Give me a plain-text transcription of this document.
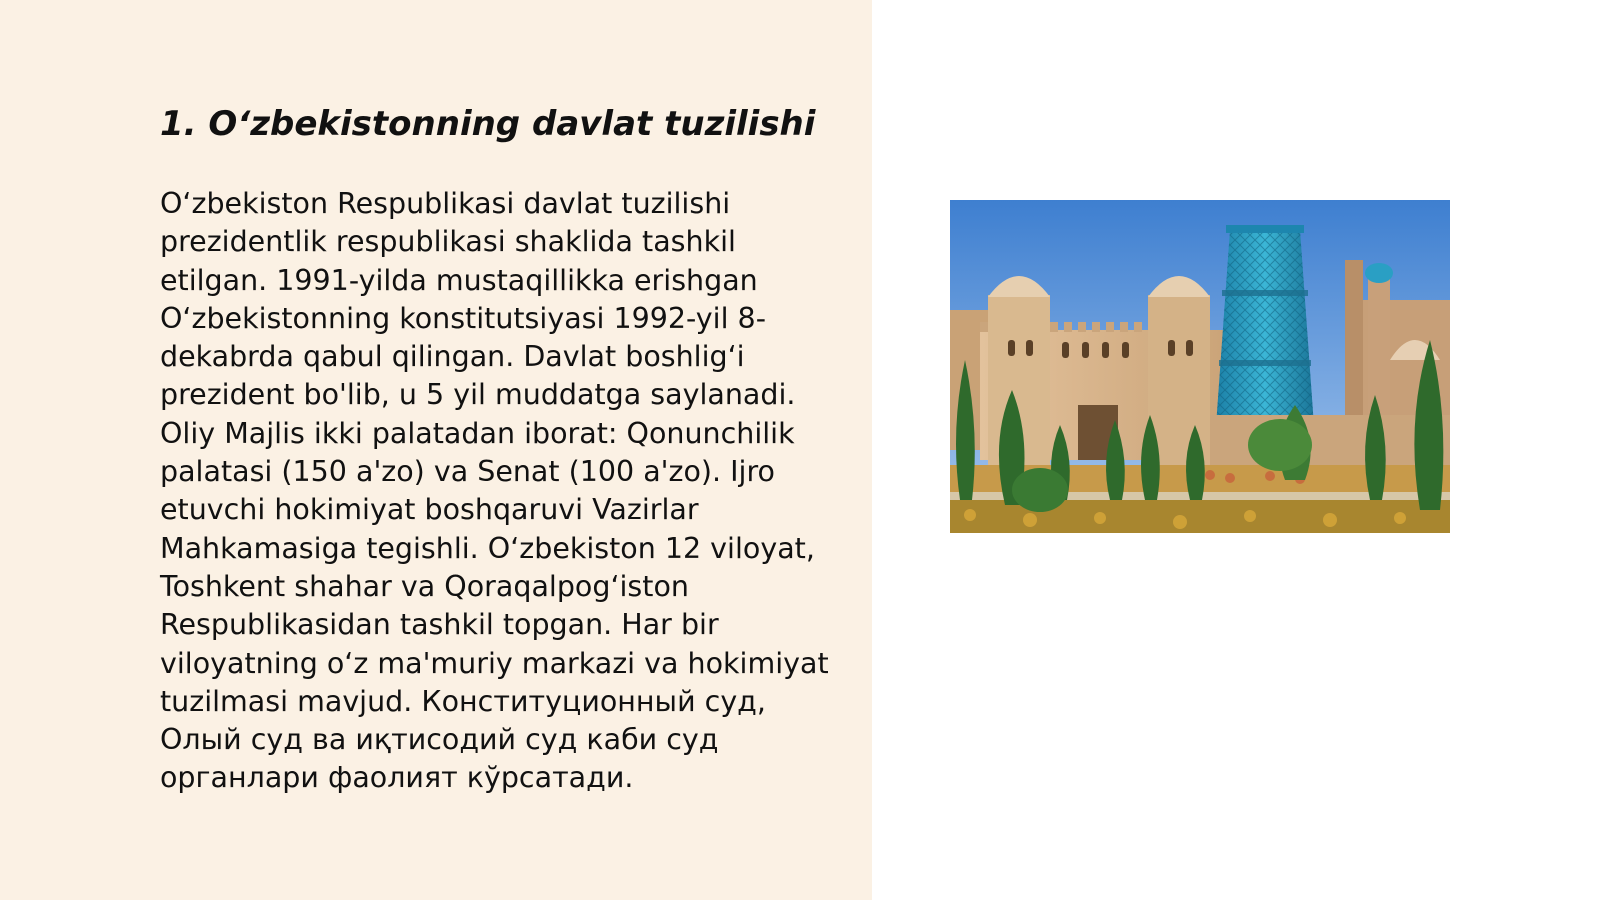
1. O‘zbekistonning davlat tuzilishi

O‘zbekiston Respublikasi davlat tuzilishi prezidentlik respublikasi shaklida tashkil etilgan. 1991-yilda mustaqillikka erishgan O‘zbekistonning konstitutsiyasi 1992-yil 8-dekabrda qabul qilingan. Davlat boshlig‘i prezident bo'lib, u 5 yil muddatga saylanadi. Oliy Majlis ikki palatadan iborat: Qonunchilik palatasi (150 a'zo) va Senat (100 a'zo). Ijro etuvchi hokimiyat boshqaruvi Vazirlar Mahkamasiga tegishli. O‘zbekiston 12 viloyat, Toshkent shahar va Qoraqalpog‘iston Respublikasidan tashkil topgan. Har bir viloyatning o‘z ma'muriy markazi va hokimiyat tuzilmasi mavjud. Конституционный суд, Олый суд ва иқтисодий суд каби суд органлари фаолият кўрсатади.
